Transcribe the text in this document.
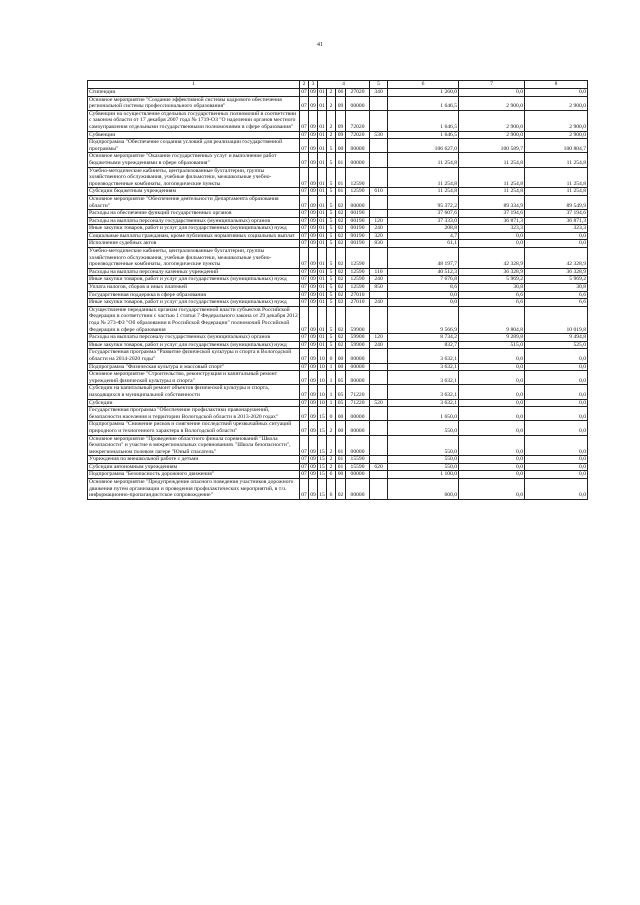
41
1	2	3	4				5	6	7	8
Стипендии	07	09	01	2	06	27020	340	1 260,0	0,0	0,0
Основное мероприятие "Создание эффективной системы кадрового обеспечения региональной системы профессионального образования"	07	09	01	2	09	00000		1 646,5	2 900,0	2 900,0
Субвенции на осуществление отдельных государственных полномочий в соответствии с законом области от 17 декабря 2007 года № 1719-ОЗ "О наделении органов местного самоуправления отдельными государственными полномочиями в сфере образования"	07	09	01	2	09	72020		1 646,5	2 900,0	2 900,0
Субвенции	07	09	01	2	09	72020	530	1 646,5	2 900,0	2 900,0
Подпрограмма "Обеспечение создания условий для реализации государственной программы"	07	09	01	5	00	00000		106 627,0	100 589,7	100 804,7
Основное мероприятие "Оказание государственных услуг и выполнение работ бюджетными учреждениями в сфере образования"	07	09	01	5	01	00000		11 254,8	11 254,8	11 254,8
Учебно-методические кабинеты, централизованные бухгалтерии, группы хозяйственного обслуживания, учебные фильмотеки, межшкольные учебно-производственные комбинаты, логопедические пункты	07	09	01	5	01	12590		11 254,8	11 254,8	11 254,8
Субсидии бюджетным учреждениям	07	09	01	5	01	12590	610	11 254,8	11 254,8	11 254,8
Основное мероприятие "Обеспечение деятельности Департамента образования области"	07	09	01	5	02	00000		95 372,2	89 334,9	89 549,9
Расходы на обеспечение функций государственных органов	07	09	01	5	02	00190		37 607,6	37 194,6	37 194,6
Расходы на выплаты персоналу государственных (муниципальных) органов	07	09	01	5	02	00190	120	37 333,0	36 871,3	36 871,3
Иные закупки товаров, работ и услуг для государственных (муниципальных) нужд	07	09	01	5	02	00190	240	208,8	323,3	323,3
Социальные выплаты гражданам, кроме публичных нормативных социальных выплат	07	09	01	5	02	00190	320	4,7	0,0	0,0
Исполнение судебных актов	07	09	01	5	02	00190	830	61,1	0,0	0,0
Учебно-методические кабинеты, централизованные бухгалтерии, группы хозяйственного обслуживания, учебные фильмотеки, межшкольные учебно-производственные комбинаты, логопедические пункты	07	09	01	5	02	12590		48 197,7	42 328,9	42 328,9
Расходы на выплаты персоналу казенных учреждений	07	09	01	5	02	12590	110	40 512,3	36 328,9	36 328,9
Иные закупки товаров, работ и услуг для государственных (муниципальных) нужд	07	09	01	5	02	12590	240	7 676,8	5 969,2	5 969,2
Уплата налогов, сборов и иных платежей	07	09	01	5	02	12590	850	8,6	30,8	30,8
Государственная поддержка в сфере образования	07	09	01	5	02	27010		0,0	6,6	6,6
Иные закупки товаров, работ и услуг для государственных (муниципальных) нужд	07	09	01	5	02	27010	240	0,0	6,6	6,6
Осуществление переданных органам государственной власти субъектов Российской Федерации в соответствии с частью 1 статьи 7 Федерального закона от 29 декабря 2012 года № 273-ФЗ "Об образовании в Российской Федерации" полномочий Российской Федерации в сфере образования	07	09	01	5	02	59900		9 566,9	9 804,8	10 019,8
Расходы на выплаты персоналу государственных (муниципальных) органов	07	09	01	5	02	59900	120	8 734,2	9 289,8	9 494,8
Иные закупки товаров, работ и услуг для государственных (муниципальных) нужд	07	09	01	5	02	59900	240	832,7	515,0	525,0
Государственная программа "Развитие физической культуры и спорта в Вологодской области на 2014-2020 годы"	07	09	10	0	00	00000		3 632,1	0,0	0,0
Подпрограмма "Физическая культура и массовый спорт"	07	09	10	1	00	00000		3 632,1	0,0	0,0
Основное мероприятие "Строительство, реконструкция и капитальный ремонт учреждений физической культуры и спорта"	07	09	10	1	05	00000		3 632,1	0,0	0,0
Субсидии на капитальный ремонт объектов физической культуры и спорта, находящихся в муниципальной собственности	07	09	10	1	05	71220		3 632,1	0,0	0,0
Субсидии	07	09	10	1	05	71220	520	3 632,1	0,0	0,0
Государственная программа "Обеспечение профилактики правонарушений, безопасности населения и территории Вологодской области в 2013-2020 годах"	07	09	15	0	00	00000		1 650,0	0,0	0,0
Подпрограмма "Снижение рисков и смягчение последствий чрезвычайных ситуаций природного и техногенного характера в Вологодской области"	07	09	15	2	00	00000		550,0	0,0	0,0
Основное мероприятие "Проведение областного финала соревнований "Школа безопасности" и участие в межрегиональных соревнованиях "Школа безопасности", межрегиональном полевом лагере "Юный спасатель"	07	09	15	2	01	00000		550,0	0,0	0,0
Учреждения по внешкольной работе с детьми	07	09	15	2	01	15590		550,0	0,0	0,0
Субсидии автономным учреждениям	07	09	15	2	01	15590	620	550,0	0,0	0,0
Подпрограмма "Безопасность дорожного движения"	07	09	15	6	00	00000		1 100,0	0,0	0,0
Основное мероприятие "Предупреждение опасного поведения участников дорожного движения путем организации и проведения профилактических мероприятий, в т.ч. информационно-пропагандистское сопровождение"	07	09	15	6	02	00000		600,0	0,0	0,0
